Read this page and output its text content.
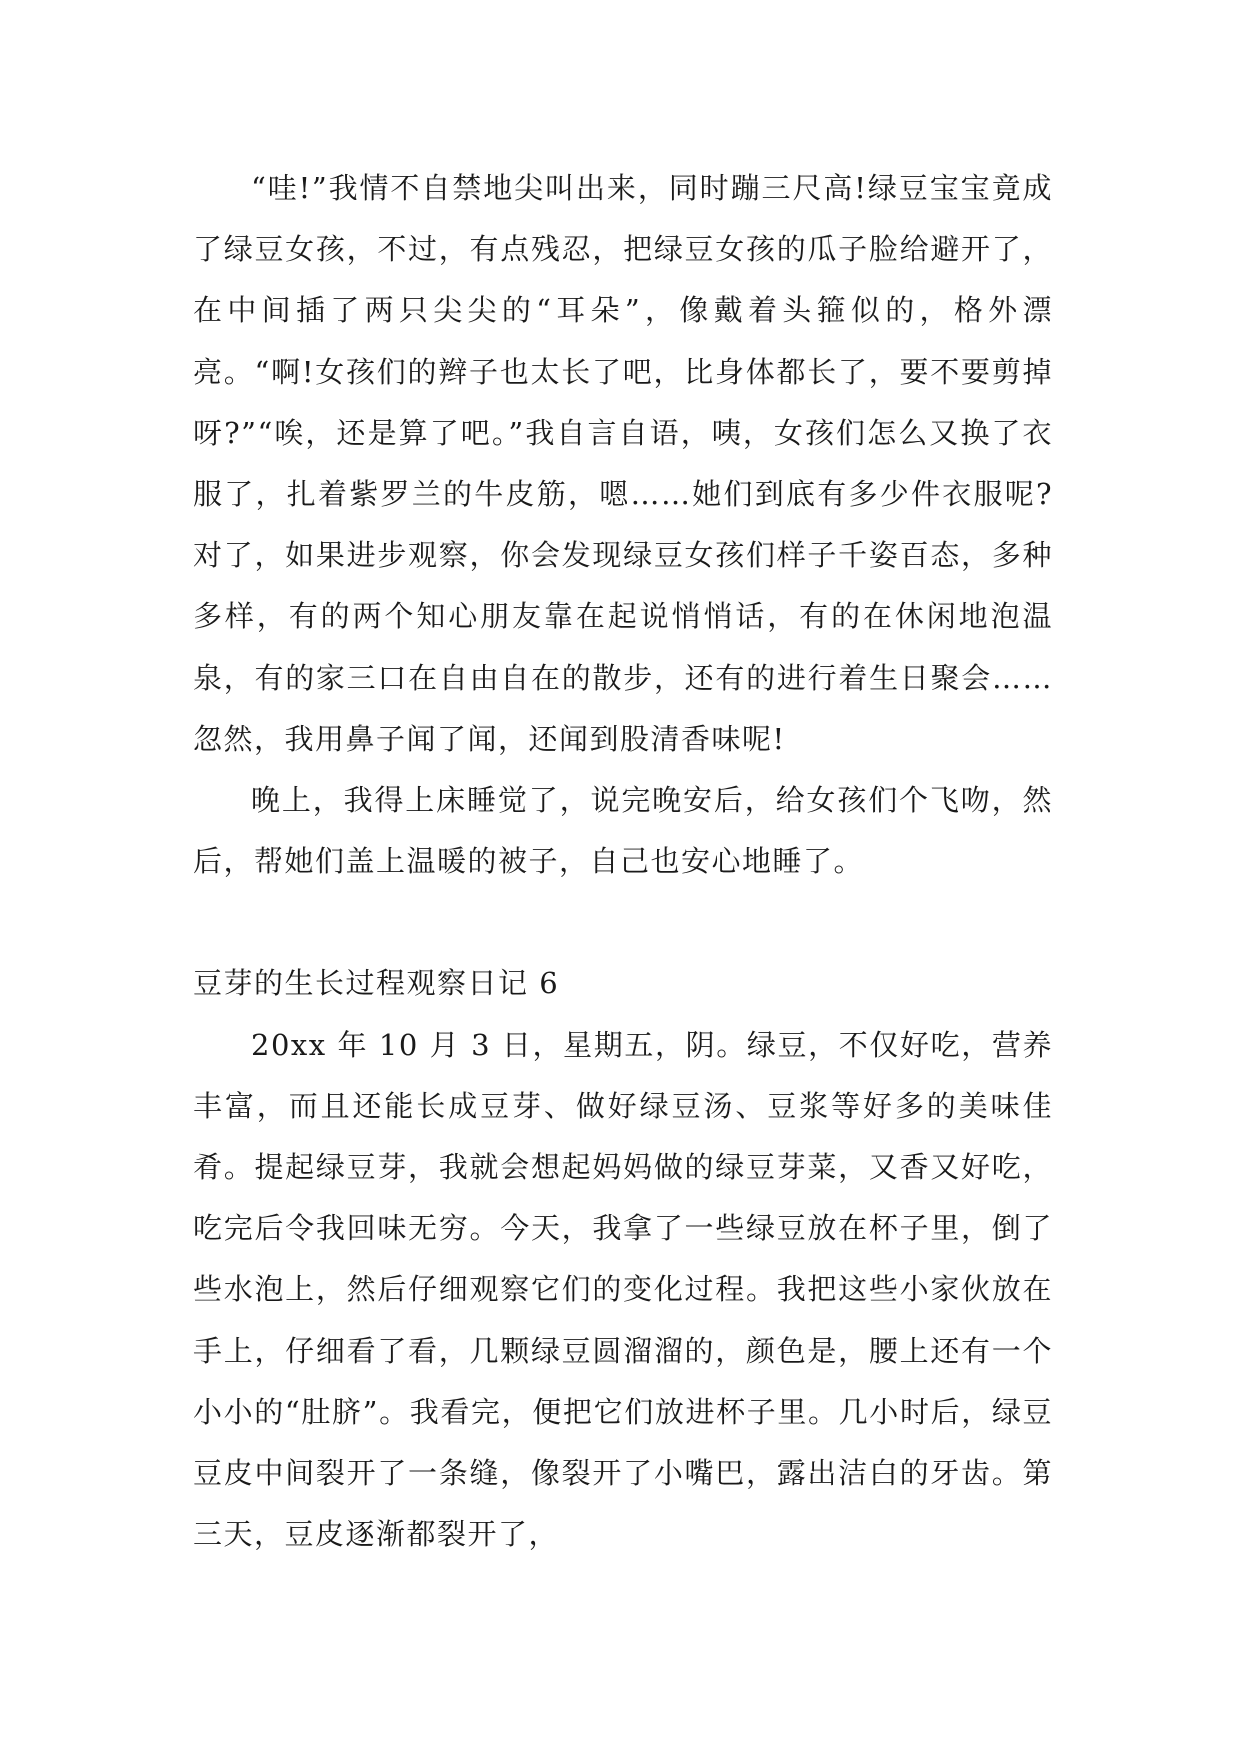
“哇!”我情不自禁地尖叫出来，同时蹦三尺高!绿豆宝宝竟成了绿豆女孩，不过，有点残忍，把绿豆女孩的瓜子脸给避开了，在中间插了两只尖尖的“耳朵”，像戴着头箍似的，格外漂亮。“啊!女孩们的辫子也太长了吧，比身体都长了，要不要剪掉呀?”“唉，还是算了吧。”我自言自语，咦，女孩们怎么又换了衣服了，扎着紫罗兰的牛皮筋，嗯……她们到底有多少件衣服呢?对了，如果进步观察，你会发现绿豆女孩们样子千姿百态，多种多样，有的两个知心朋友靠在起说悄悄话，有的在休闲地泡温泉，有的家三口在自由自在的散步，还有的进行着生日聚会……忽然，我用鼻子闻了闻，还闻到股清香味呢!

晚上，我得上床睡觉了，说完晚安后，给女孩们个飞吻，然后，帮她们盖上温暖的被子，自己也安心地睡了。

豆芽的生长过程观察日记 6

20xx 年 10 月 3 日，星期五，阴。绿豆，不仅好吃，营养丰富，而且还能长成豆芽、做好绿豆汤、豆浆等好多的美味佳肴。提起绿豆芽，我就会想起妈妈做的绿豆芽菜，又香又好吃，吃完后令我回味无穷。今天，我拿了一些绿豆放在杯子里，倒了些水泡上，然后仔细观察它们的变化过程。我把这些小家伙放在手上，仔细看了看，几颗绿豆圆溜溜的，颜色是，腰上还有一个小小的“肚脐”。我看完，便把它们放进杯子里。几小时后，绿豆豆皮中间裂开了一条缝，像裂开了小嘴巴，露出洁白的牙齿。第三天，豆皮逐渐都裂开了，
